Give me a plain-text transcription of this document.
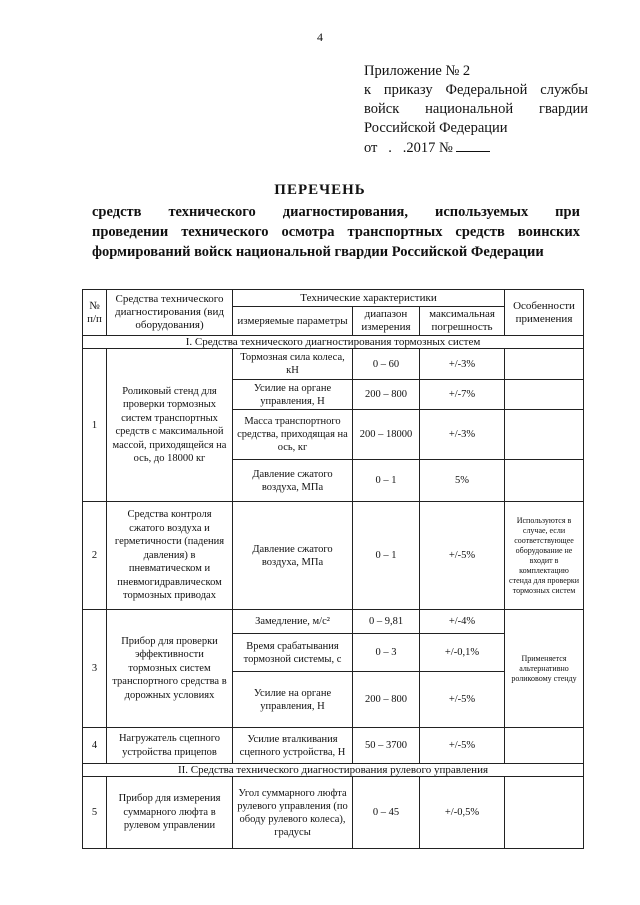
4
Приложение № 2
к приказу Федеральной службы
войск национальной гвардии
Российской Федерации
от   .   .2017 №
ПЕРЕЧЕНЬ
средств технического диагностирования, используемых при
проведении технического осмотра транспортных средств воинских
формирований войск национальной гвардии Российской Федерации
№ п/п	Средства технического диагностирования (вид оборудования)	Технические характеристики			Особенности применения
		измеряемые параметры	диапазон измерения	максимальная погрешность	
I. Средства технического диагностирования тормозных систем					
1	Роликовый стенд для проверки тормозных систем транспортных средств с максимальной массой, приходящейся на ось, до 18000 кг	Тормозная сила колеса, кН	0 – 60	+/-3%	
		Усилие на органе управления, Н	200 – 800	+/-7%	
		Масса транспортного средства, приходящая на ось, кг	200 – 18000	+/-3%	
		Давление сжатого воздуха, МПа	0 – 1	5%	
2	Средства контроля сжатого воздуха и герметичности (падения давления) в пневматическом и пневмогидравлическом тормозных приводах	Давление сжатого воздуха, МПа	0 – 1	+/-5%	Используются в случае, если соответствующее оборудование не входит в комплектацию стенда для проверки тормозных систем
3	Прибор для проверки эффективности тормозных систем транспортного средства в дорожных условиях	Замедление, м/с²	0 – 9,81	+/-4%	Применяется альтернативно роликовому стенду
		Время срабатывания тормозной системы, с	0 – 3	+/-0,1%	
		Усилие на органе управления, Н	200 – 800	+/-5%	
4	Нагружатель сцепного устройства прицепов	Усилие вталкивания сцепного устройства, Н	50 – 3700	+/-5%	
II. Средства технического диагностирования рулевого управления					
5	Прибор для измерения суммарного люфта в рулевом управлении	Угол суммарного люфта рулевого управления (по ободу рулевого колеса), градусы	0 – 45	+/-0,5%	
